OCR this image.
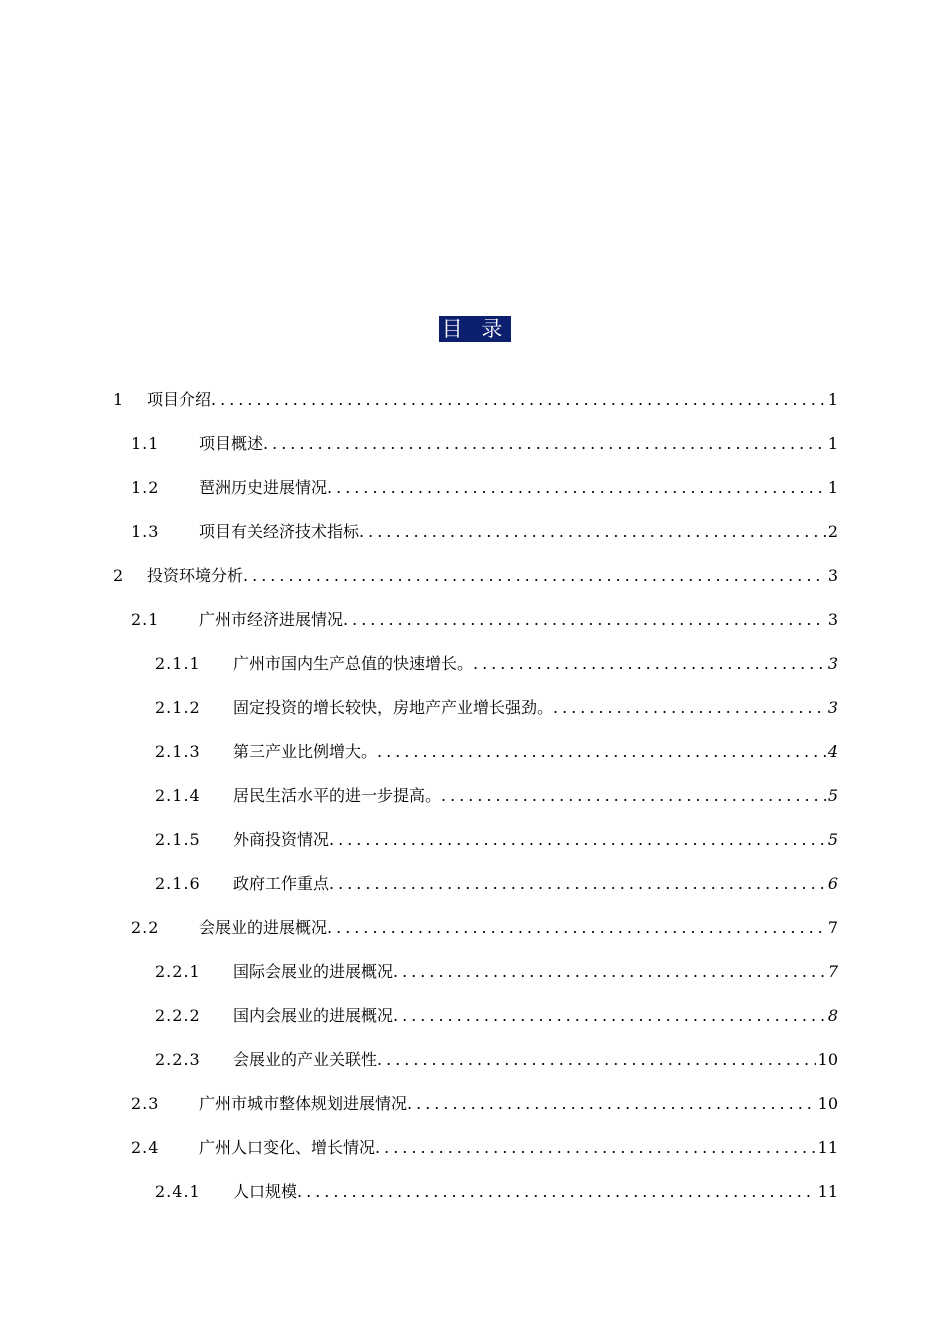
目 录
1	项目介绍 .....	1
1.1	项目概述 .....	1
1.2	琶洲历史进展情况 .....	1
1.3	项目有关经济技术指标 .....	2
2	投资环境分析 .....	3
2.1	广州市经济进展情况 .....	3
2.1.1	广州市国内生产总值的快速增长。 .....	3
2.1.2	固定投资的增长较快，房地产产业增长强劲。 .....	3
2.1.3	第三产业比例增大。 .....	4
2.1.4	居民生活水平的进一步提高。 .....	5
2.1.5	外商投资情况 .....	5
2.1.6	政府工作重点 .....	6
2.2	会展业的进展概况 .....	7
2.2.1	国际会展业的进展概况 .....	7
2.2.2	国内会展业的进展概况 .....	8
2.2.3	会展业的产业关联性 .....	10
2.3	广州市城市整体规划进展情况 .....	10
2.4	广州人口变化、增长情况 .....	11
2.4.1	人口规模 .....	11
